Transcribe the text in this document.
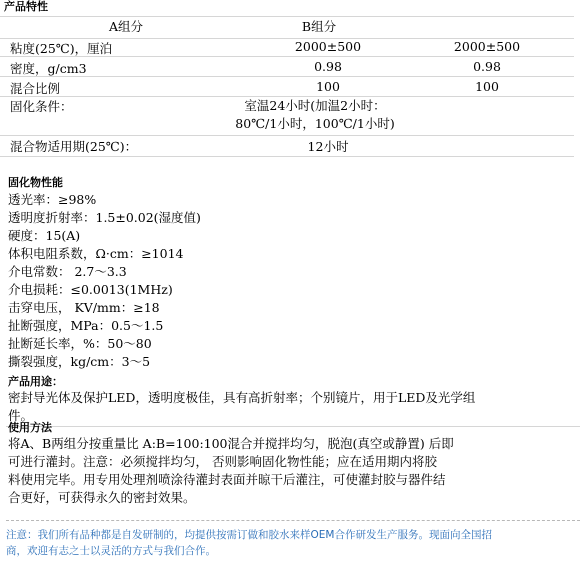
产品特性
A组分	B组分
粘度(25℃)，厘泊	2000±500	2000±500
密度，g/cm3	0.98	0.98
混合比例	100	100
固化条件：	室温24小时(加温2小时：
80℃/1小时，100℃/1小时)
混合物适用期(25℃)：	12小时
固化物性能
透光率：≥98%
透明度折射率：1.5±0.02(湿度值)
硬度：15(A)
体积电阻系数，Ω·cm：≥1014
介电常数： 2.7～3.3
介电损耗：≤0.0013(1MHz)
击穿电压， KV/mm：≥18
扯断强度，MPa：0.5～1.5
扯断延长率，%：50～80
撕裂强度，kg/cm：3～5
产品用途：
密封导光体及保护LED，透明度极佳，具有高折射率；个别镜片，用于LED及光学组
件。
使用方法
将A、B两组分按重量比 A:B=100:100混合并搅拌均匀，脱泡(真空或静置) 后即
可进行灌封。注意：必须搅拌均匀， 否则影响固化物性能；应在适用期内将胶
料使用完毕。用专用处理剂喷涂待灌封表面并晾干后灌注，可使灌封胶与器件结
合更好，可获得永久的密封效果。
注意：我们所有品种都是自发研制的，均提供按需订做和胶水来样OEM合作研发生产服务。现面向全国招
商，欢迎有志之士以灵活的方式与我们合作。
